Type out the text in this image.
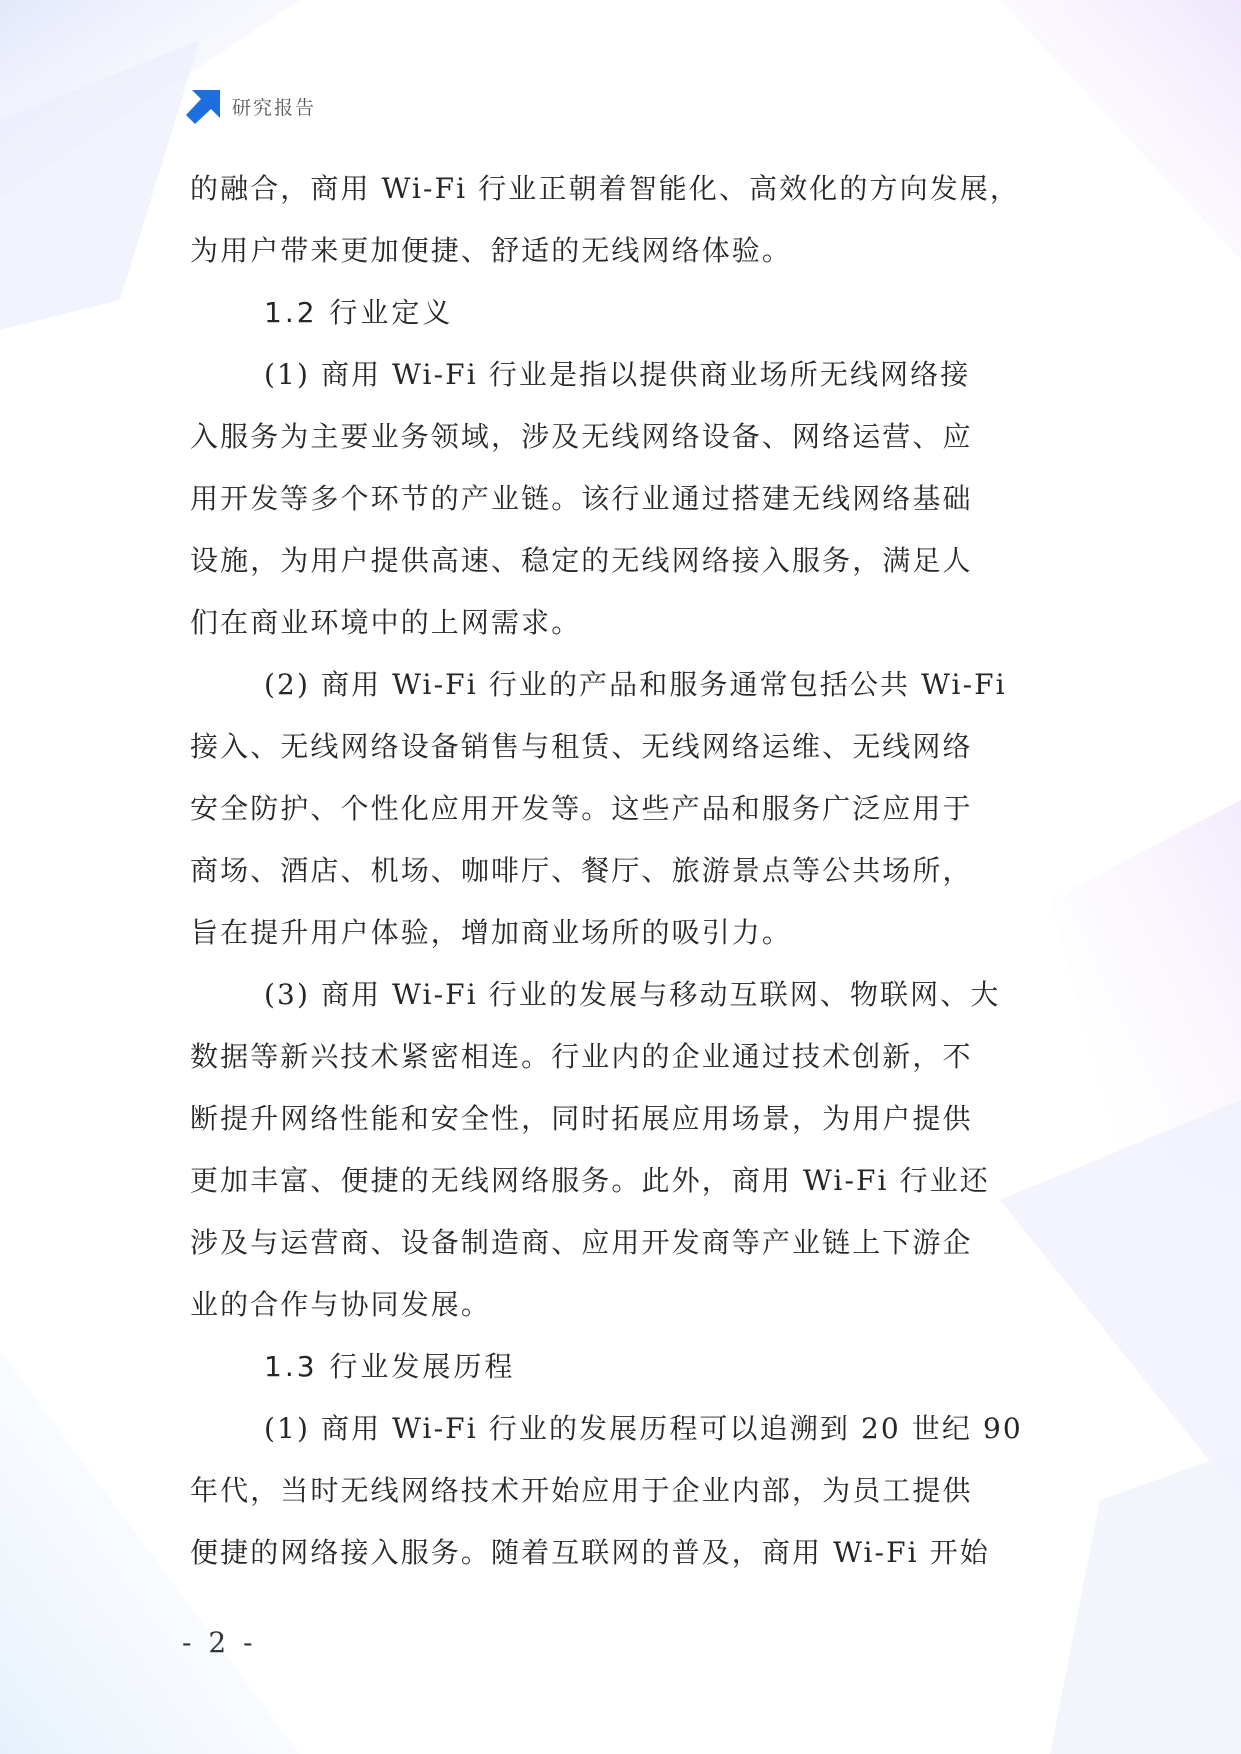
研究报告
的融合，商用 Wi-Fi 行业正朝着智能化、高效化的方向发展，
为用户带来更加便捷、舒适的无线网络体验。
1.2 行业定义
(1) 商用 Wi-Fi 行业是指以提供商业场所无线网络接
入服务为主要业务领域，涉及无线网络设备、网络运营、应
用开发等多个环节的产业链。该行业通过搭建无线网络基础
设施，为用户提供高速、稳定的无线网络接入服务，满足人
们在商业环境中的上网需求。
(2) 商用 Wi-Fi 行业的产品和服务通常包括公共 Wi-Fi
接入、无线网络设备销售与租赁、无线网络运维、无线网络
安全防护、个性化应用开发等。这些产品和服务广泛应用于
商场、酒店、机场、咖啡厅、餐厅、旅游景点等公共场所，
旨在提升用户体验，增加商业场所的吸引力。
(3) 商用 Wi-Fi 行业的发展与移动互联网、物联网、大
数据等新兴技术紧密相连。行业内的企业通过技术创新，不
断提升网络性能和安全性，同时拓展应用场景，为用户提供
更加丰富、便捷的无线网络服务。此外，商用 Wi-Fi 行业还
涉及与运营商、设备制造商、应用开发商等产业链上下游企
业的合作与协同发展。
1.3 行业发展历程
(1) 商用 Wi-Fi 行业的发展历程可以追溯到 20 世纪 90
年代，当时无线网络技术开始应用于企业内部，为员工提供
便捷的网络接入服务。随着互联网的普及，商用 Wi-Fi 开始
- 2 -
